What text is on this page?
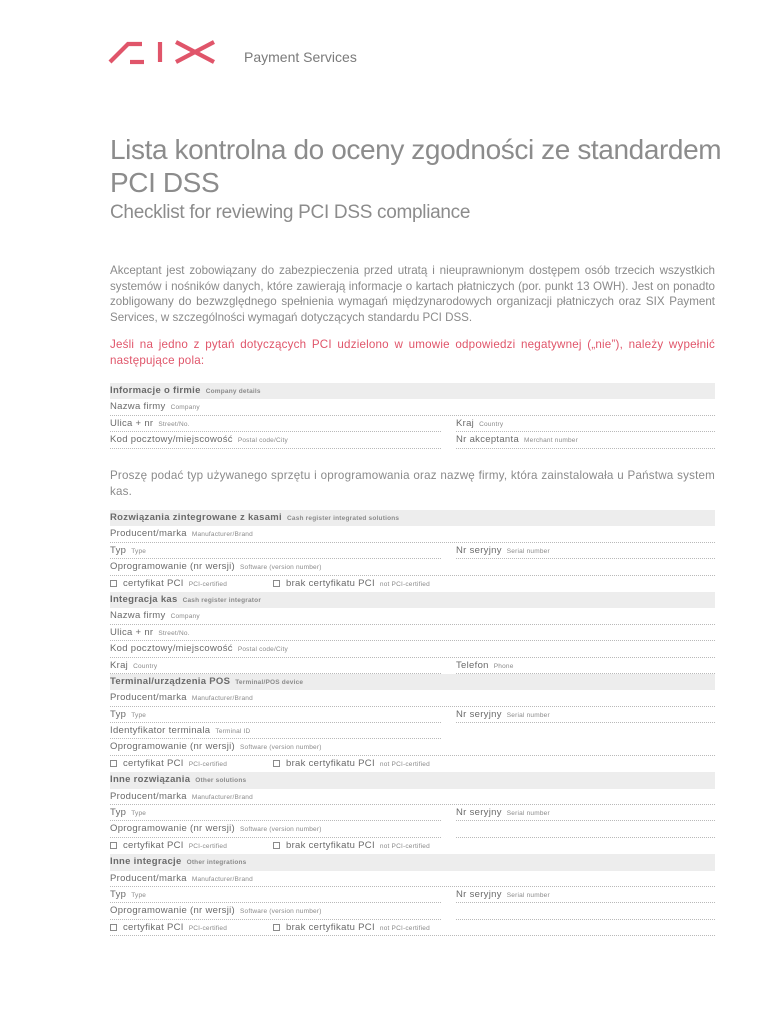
Payment Services
Lista kontrolna do oceny zgodności ze standardem PCI DSS
Checklist for reviewing PCI DSS compliance
Akceptant jest zobowiązany do zabezpieczenia przed utratą i nieuprawnionym dostępem osób trzecich wszystkich systemów i nośników danych, które zawierają informacje o kartach płatniczych (por. punkt 13 OWH). Jest on ponadto zobligowany do bezwzględnego spełnienia wymagań międzynarodowych organizacji płatniczych oraz SIX Payment Services, w szczególności wymagań dotyczących standardu PCI DSS.
Jeśli na jedno z pytań dotyczących PCI udzielono w umowie odpowiedzi negatywnej („nie”), należy wypełnić następujące pola:
Informacje o firmie Company details
Nazwa firmy Company
Ulica + nr Street/No.	Kraj Country
Kod pocztowy/miejscowość Postal code/City	Nr akceptanta Merchant number
Proszę podać typ używanego sprzętu i oprogramowania oraz nazwę firmy, która zainstalowała u Państwa system kas.
Rozwiązania zintegrowane z kasami Cash register integrated solutions
Producent/marka Manufacturer/Brand
Typ Type	Nr seryjny Serial number
Oprogramowanie (nr wersji) Software (version number)
certyfikat PCI PCI-certified	brak certyfikatu PCI not PCI-certified
Integracja kas Cash register integrator
Nazwa firmy Company
Ulica + nr Street/No.
Kod pocztowy/miejscowość Postal code/City
Kraj Country	Telefon Phone
Terminal/urządzenia POS Terminal/POS device
Producent/marka Manufacturer/Brand
Typ Type	Nr seryjny Serial number
Identyfikator terminala Terminal ID
Oprogramowanie (nr wersji) Software (version number)
certyfikat PCI PCI-certified	brak certyfikatu PCI not PCI-certified
Inne rozwiązania Other solutions
Producent/marka Manufacturer/Brand
Typ Type	Nr seryjny Serial number
Oprogramowanie (nr wersji) Software (version number)
certyfikat PCI PCI-certified	brak certyfikatu PCI not PCI-certified
Inne integracje Other integrations
Producent/marka Manufacturer/Brand
Typ Type	Nr seryjny Serial number
Oprogramowanie (nr wersji) Software (version number)
certyfikat PCI PCI-certified	brak certyfikatu PCI not PCI-certified
